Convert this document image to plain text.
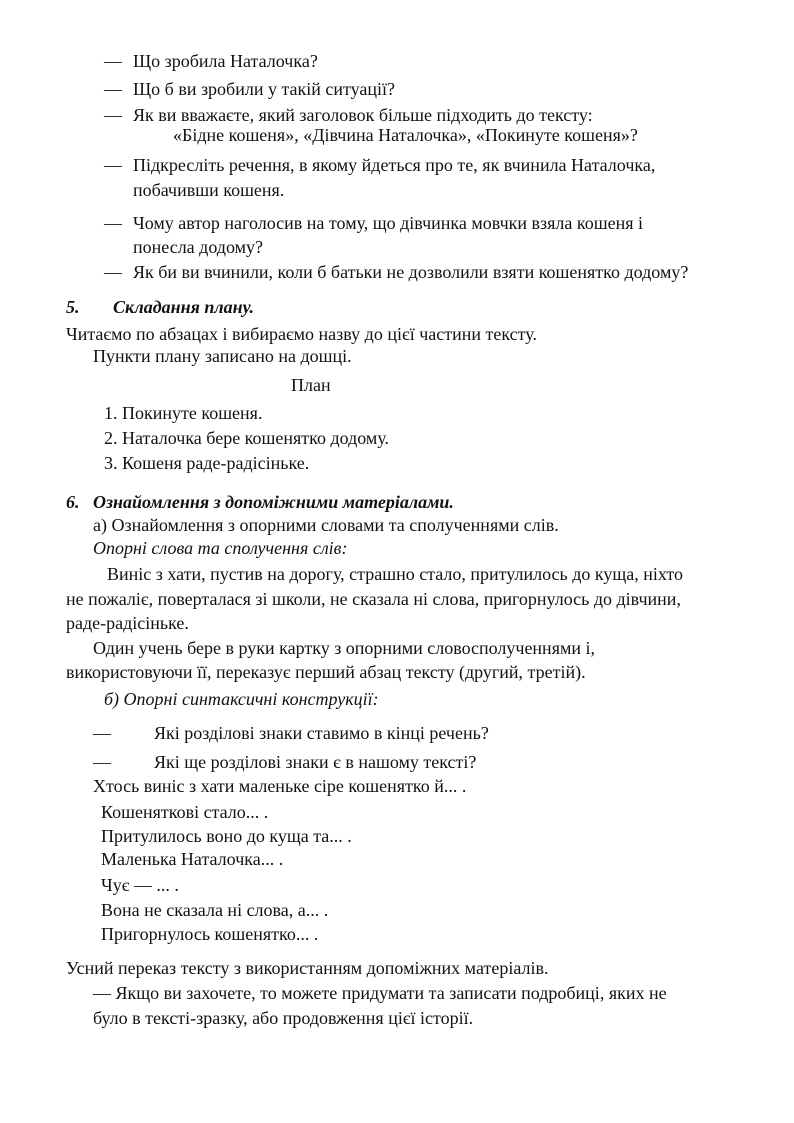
— Що зробила Наталочка?
— Що б ви зробили у такій ситуації?
— Як ви вважаєте, який заголовок більше підходить до тексту:
«Бідне кошеня», «Дівчина Наталочка», «Покинуте кошеня»?
— Підкресліть речення, в якому йдеться про те, як вчинила Наталочка,
побачивши кошеня.
— Чому автор наголосив на тому, що дівчинка мовчки взяла кошеня і
понесла додому?
— Як би ви вчинили, коли б батьки не дозволили взяти кошенятко додому?
5. Складання плану.
Читаємо по абзацах і вибираємо назву до цієї частини тексту.
Пункти плану записано на дошці.
План
1. Покинуте кошеня.
2. Наталочка бере кошенятко додому.
3. Кошеня раде-радісіньке.
6. Ознайомлення з допоміжними матеріалами.
а) Ознайомлення з опорними словами та сполученнями слів.
Опорні слова та сполучення слів:
Виніс з хати, пустив на дорогу, страшно стало, притулилось до куща, ніхто
не пожаліє, поверталася зі школи, не сказала ні слова, пригорнулось до дівчини,
раде-радісіньке.
Один учень бере в руки картку з опорними словосполученнями і,
використовуючи її, переказує перший абзац тексту (другий, третій).
б) Опорні синтаксичні конструкції:
— Які розділові знаки ставимо в кінці речень?
— Які ще розділові знаки є в нашому тексті?
Хтось виніс з хати маленьке сіре кошенятко й... .
Кошеняткові стало... .
Притулилось воно до куща та... .
Маленька Наталочка... .
Чує — ... .
Вона не сказала ні слова, а... .
Пригорнулось кошенятко... .
Усний переказ тексту з використанням допоміжних матеріалів.
— Якщо ви захочете, то можете придумати та записати подробиці, яких не
було в тексті-зразку, або продовження цієї історії.
